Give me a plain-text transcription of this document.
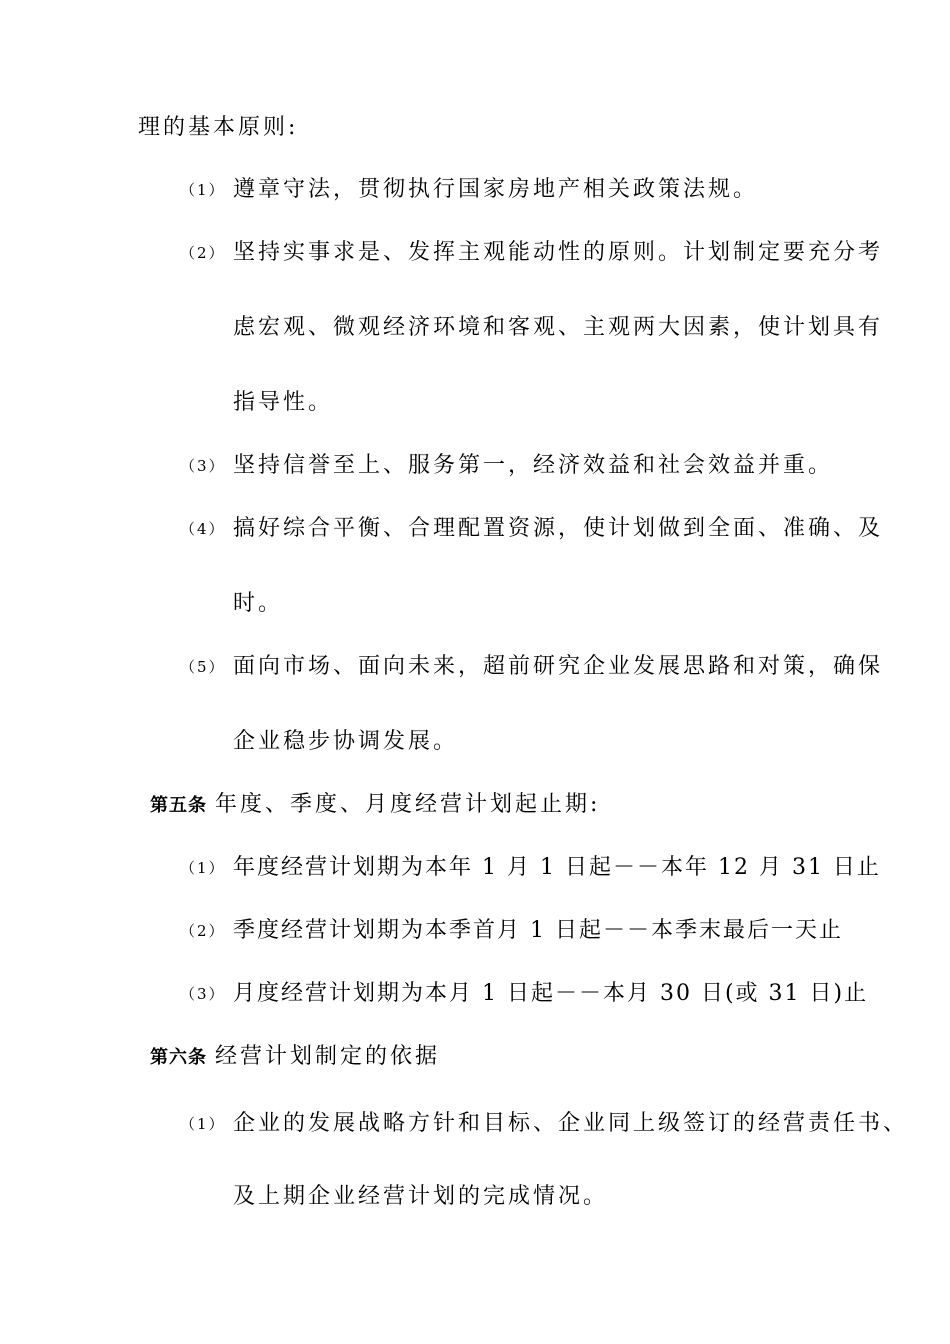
理的基本原则:
（1） 遵章守法，贯彻执行国家房地产相关政策法规。
（2） 坚持实事求是、发挥主观能动性的原则。计划制定要充分考
虑宏观、微观经济环境和客观、主观两大因素，使计划具有
指导性。
（3） 坚持信誉至上、服务第一，经济效益和社会效益并重。
（4） 搞好综合平衡、合理配置资源，使计划做到全面、准确、及
时。
（5） 面向市场、面向未来，超前研究企业发展思路和对策，确保
企业稳步协调发展。
第五条 年度、季度、月度经营计划起止期:
（1） 年度经营计划期为本年 1 月 1 日起－－本年 12 月 31 日止
（2） 季度经营计划期为本季首月 1 日起－－本季末最后一天止
（3） 月度经营计划期为本月 1 日起－－本月 30 日(或 31 日)止
第六条 经营计划制定的依据
（1） 企业的发展战略方针和目标、企业同上级签订的经营责任书、
及上期企业经营计划的完成情况。
